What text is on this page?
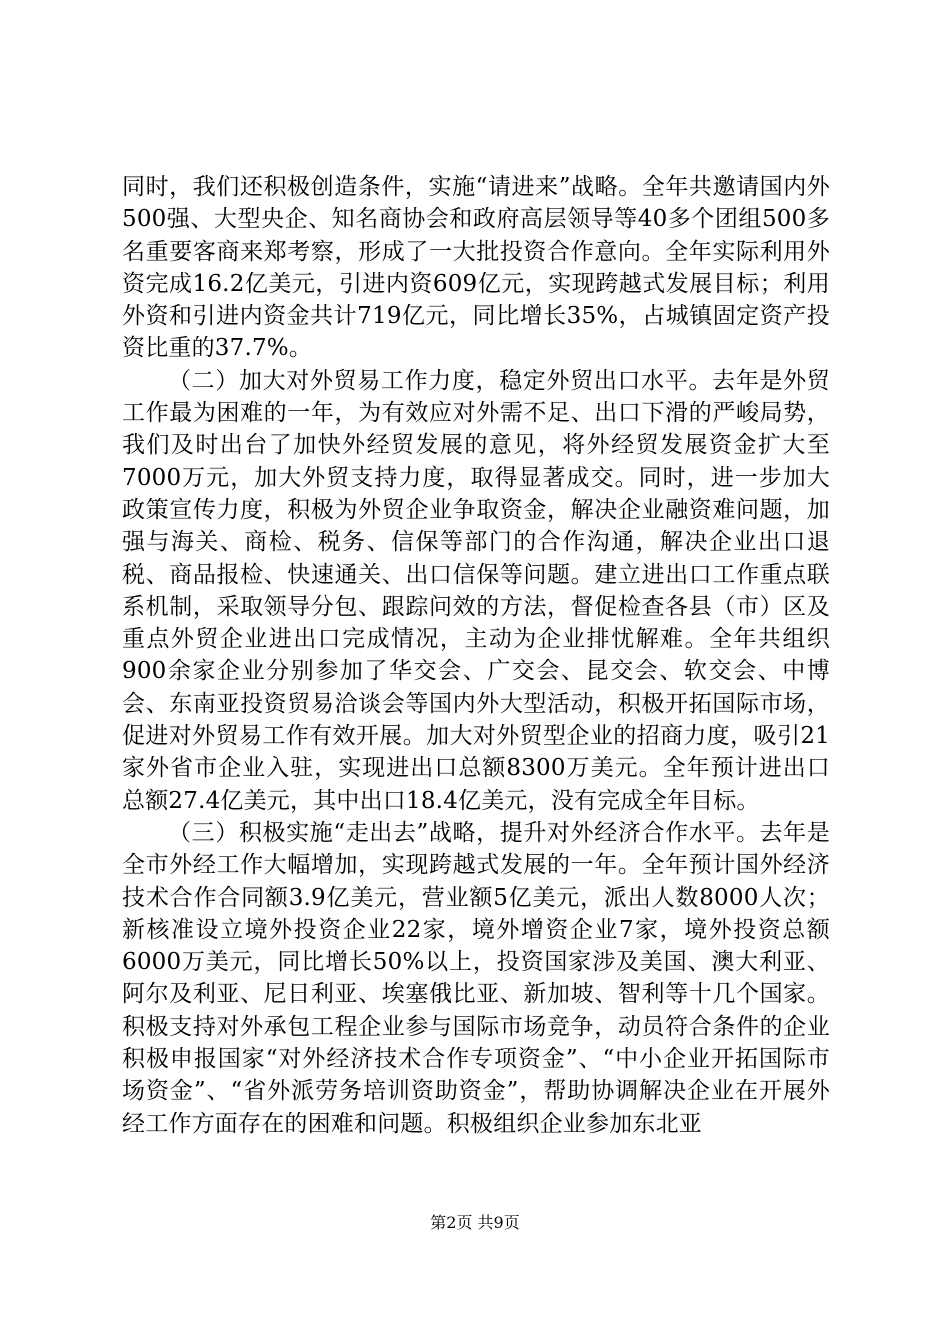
同时，我们还积极创造条件，实施“请进来”战略。全年共邀请国内外500强、大型央企、知名商协会和政府高层领导等40多个团组500多名重要客商来郑考察，形成了一大批投资合作意向。全年实际利用外资完成16.2亿美元，引进内资609亿元，实现跨越式发展目标；利用外资和引进内资金共计719亿元，同比增长35%，占城镇固定资产投资比重的37.7%。

（二）加大对外贸易工作力度，稳定外贸出口水平。去年是外贸工作最为困难的一年，为有效应对外需不足、出口下滑的严峻局势，我们及时出台了加快外经贸发展的意见，将外经贸发展资金扩大至7000万元，加大外贸支持力度，取得显著成交。同时，进一步加大政策宣传力度，积极为外贸企业争取资金，解决企业融资难问题，加强与海关、商检、税务、信保等部门的合作沟通，解决企业出口退税、商品报检、快速通关、出口信保等问题。建立进出口工作重点联系机制，采取领导分包、跟踪问效的方法，督促检查各县（市）区及重点外贸企业进出口完成情况，主动为企业排忧解难。全年共组织900余家企业分别参加了华交会、广交会、昆交会、软交会、中博会、东南亚投资贸易洽谈会等国内外大型活动，积极开拓国际市场，促进对外贸易工作有效开展。加大对外贸型企业的招商力度，吸引21家外省市企业入驻，实现进出口总额8300万美元。全年预计进出口总额27.4亿美元，其中出口18.4亿美元，没有完成全年目标。

（三）积极实施“走出去”战略，提升对外经济合作水平。去年是全市外经工作大幅增加，实现跨越式发展的一年。全年预计国外经济技术合作合同额3.9亿美元，营业额5亿美元，派出人数8000人次；新核准设立境外投资企业22家，境外增资企业7家，境外投资总额6000万美元，同比增长50%以上，投资国家涉及美国、澳大利亚、阿尔及利亚、尼日利亚、埃塞俄比亚、新加坡、智利等十几个国家。积极支持对外承包工程企业参与国际市场竞争，动员符合条件的企业积极申报国家“对外经济技术合作专项资金”、“中小企业开拓国际市场资金”、“省外派劳务培训资助资金”，帮助协调解决企业在开展外经工作方面存在的困难和问题。积极组织企业参加东北亚

第2页 共9页
